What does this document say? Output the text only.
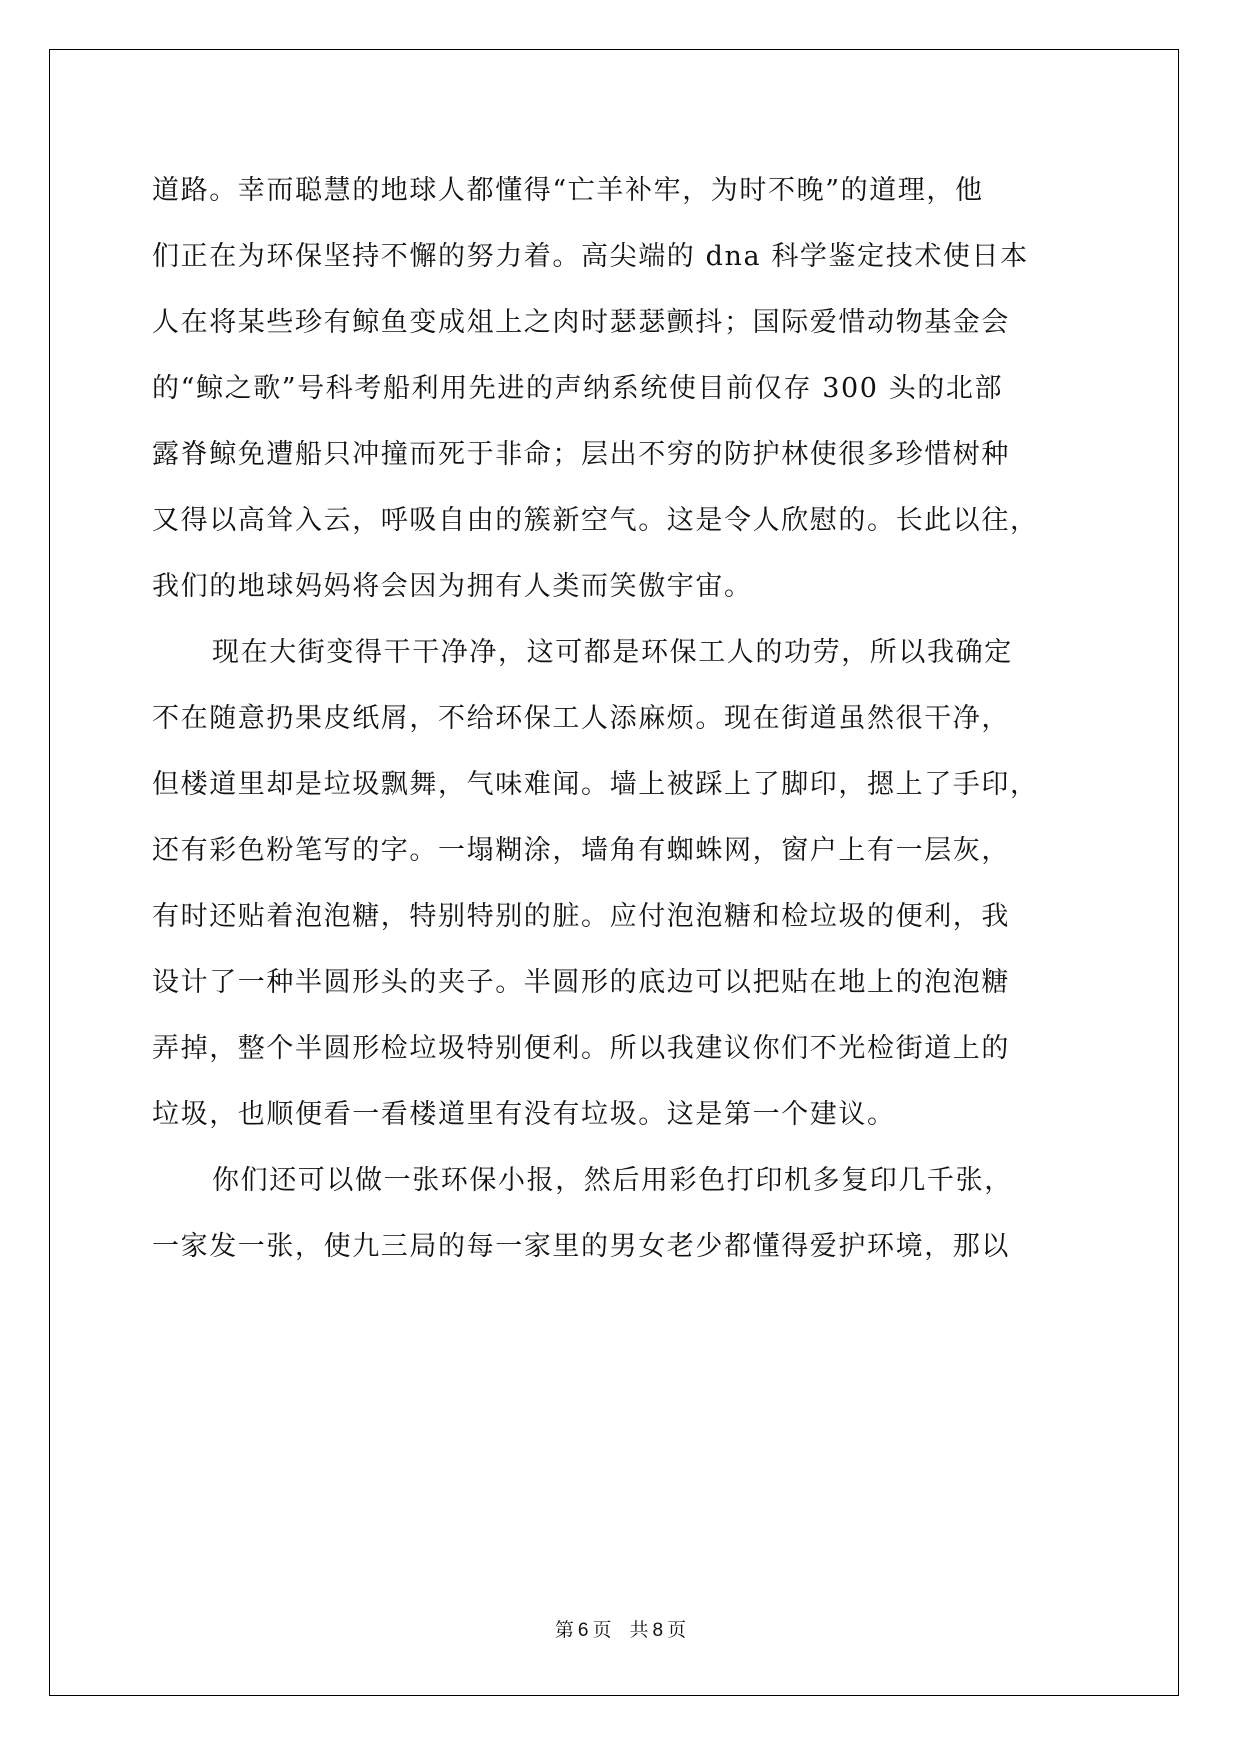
道路。幸而聪慧的地球人都懂得“亡羊补牢，为时不晚”的道理，他
们正在为环保坚持不懈的努力着。高尖端的 dna 科学鉴定技术使日本
人在将某些珍有鲸鱼变成俎上之肉时瑟瑟颤抖；国际爱惜动物基金会
的“鲸之歌”号科考船利用先进的声纳系统使目前仅存 300 头的北部
露脊鲸免遭船只冲撞而死于非命；层出不穷的防护林使很多珍惜树种
又得以高耸入云，呼吸自由的簇新空气。这是令人欣慰的。长此以往，
我们的地球妈妈将会因为拥有人类而笑傲宇宙。
现在大街变得干干净净，这可都是环保工人的功劳，所以我确定
不在随意扔果皮纸屑，不给环保工人添麻烦。现在街道虽然很干净，
但楼道里却是垃圾飘舞，气味难闻。墙上被踩上了脚印，摁上了手印，
还有彩色粉笔写的字。一塌糊涂，墙角有蜘蛛网，窗户上有一层灰，
有时还贴着泡泡糖，特别特别的脏。应付泡泡糖和检垃圾的便利，我
设计了一种半圆形头的夹子。半圆形的底边可以把贴在地上的泡泡糖
弄掉，整个半圆形检垃圾特别便利。所以我建议你们不光检街道上的
垃圾，也顺便看一看楼道里有没有垃圾。这是第一个建议。
你们还可以做一张环保小报，然后用彩色打印机多复印几千张，
一家发一张，使九三局的每一家里的男女老少都懂得爱护环境，那以
第 6 页 共 8 页
